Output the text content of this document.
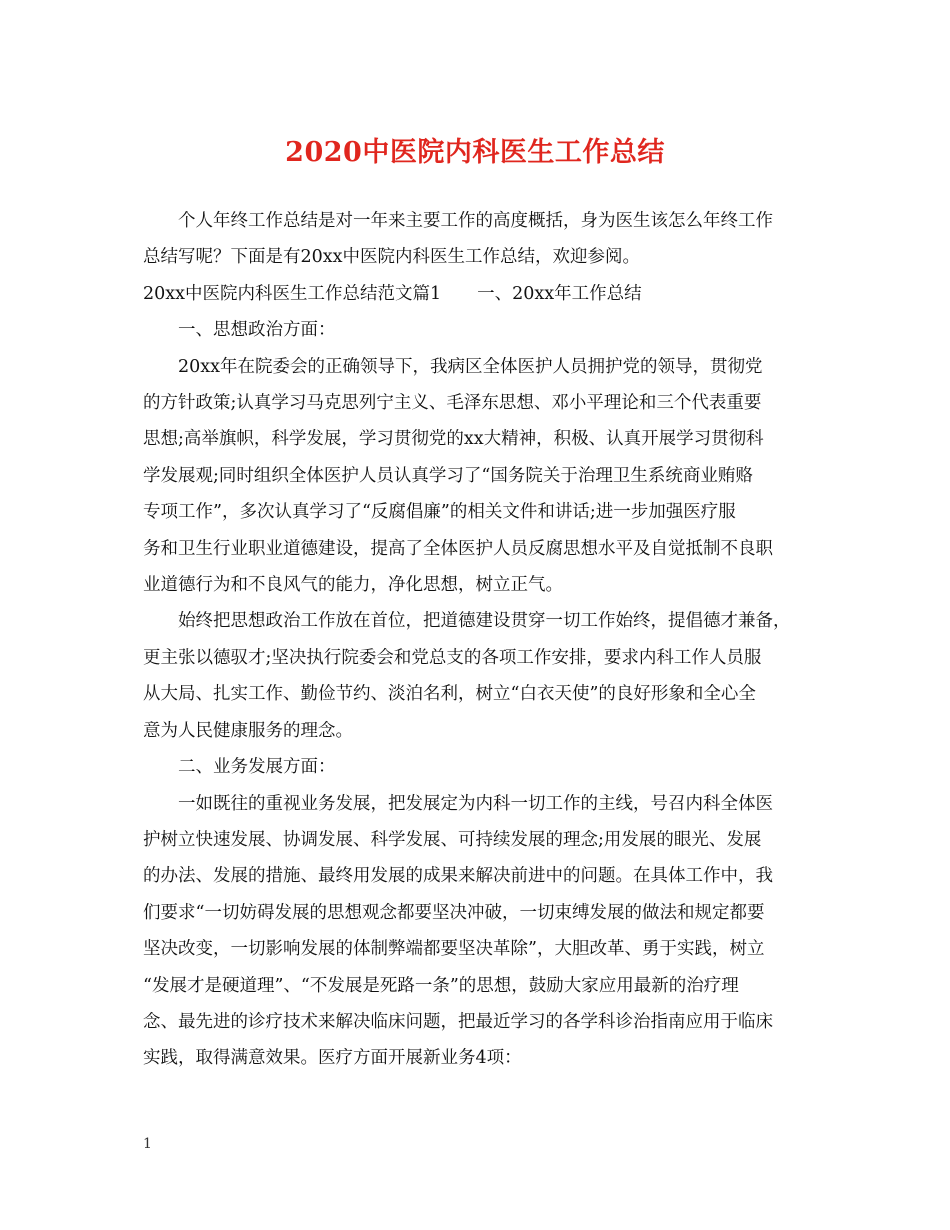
2020中医院内科医生工作总结
个人年终工作总结是对一年来主要工作的高度概括，身为医生该怎么年终工作
总结写呢？下面是有20xx中医院内科医生工作总结，欢迎参阅。
20xx中医院内科医生工作总结范文篇1 一、20xx年工作总结
一、思想政治方面：
20xx年在院委会的正确领导下，我病区全体医护人员拥护党的领导，贯彻党
的方针政策;认真学习马克思列宁主义、毛泽东思想、邓小平理论和三个代表重要
思想;高举旗帜，科学发展，学习贯彻党的xx大精神，积极、认真开展学习贯彻科
学发展观;同时组织全体医护人员认真学习了“国务院关于治理卫生系统商业贿赂
专项工作”，多次认真学习了“反腐倡廉”的相关文件和讲话;进一步加强医疗服
务和卫生行业职业道德建设，提高了全体医护人员反腐思想水平及自觉抵制不良职
业道德行为和不良风气的能力，净化思想，树立正气。
始终把思想政治工作放在首位，把道德建设贯穿一切工作始终，提倡德才兼备，
更主张以德驭才;坚决执行院委会和党总支的各项工作安排，要求内科工作人员服
从大局、扎实工作、勤俭节约、淡泊名利，树立“白衣天使”的良好形象和全心全
意为人民健康服务的理念。
二、业务发展方面：
一如既往的重视业务发展，把发展定为内科一切工作的主线，号召内科全体医
护树立快速发展、协调发展、科学发展、可持续发展的理念;用发展的眼光、发展
的办法、发展的措施、最终用发展的成果来解决前进中的问题。在具体工作中，我
们要求“一切妨碍发展的思想观念都要坚决冲破，一切束缚发展的做法和规定都要
坚决改变，一切影响发展的体制弊端都要坚决革除”，大胆改革、勇于实践，树立
“发展才是硬道理”、“不发展是死路一条”的思想，鼓励大家应用最新的治疗理
念、最先进的诊疗技术来解决临床问题，把最近学习的各学科诊治指南应用于临床
实践，取得满意效果。医疗方面开展新业务4项：
1
